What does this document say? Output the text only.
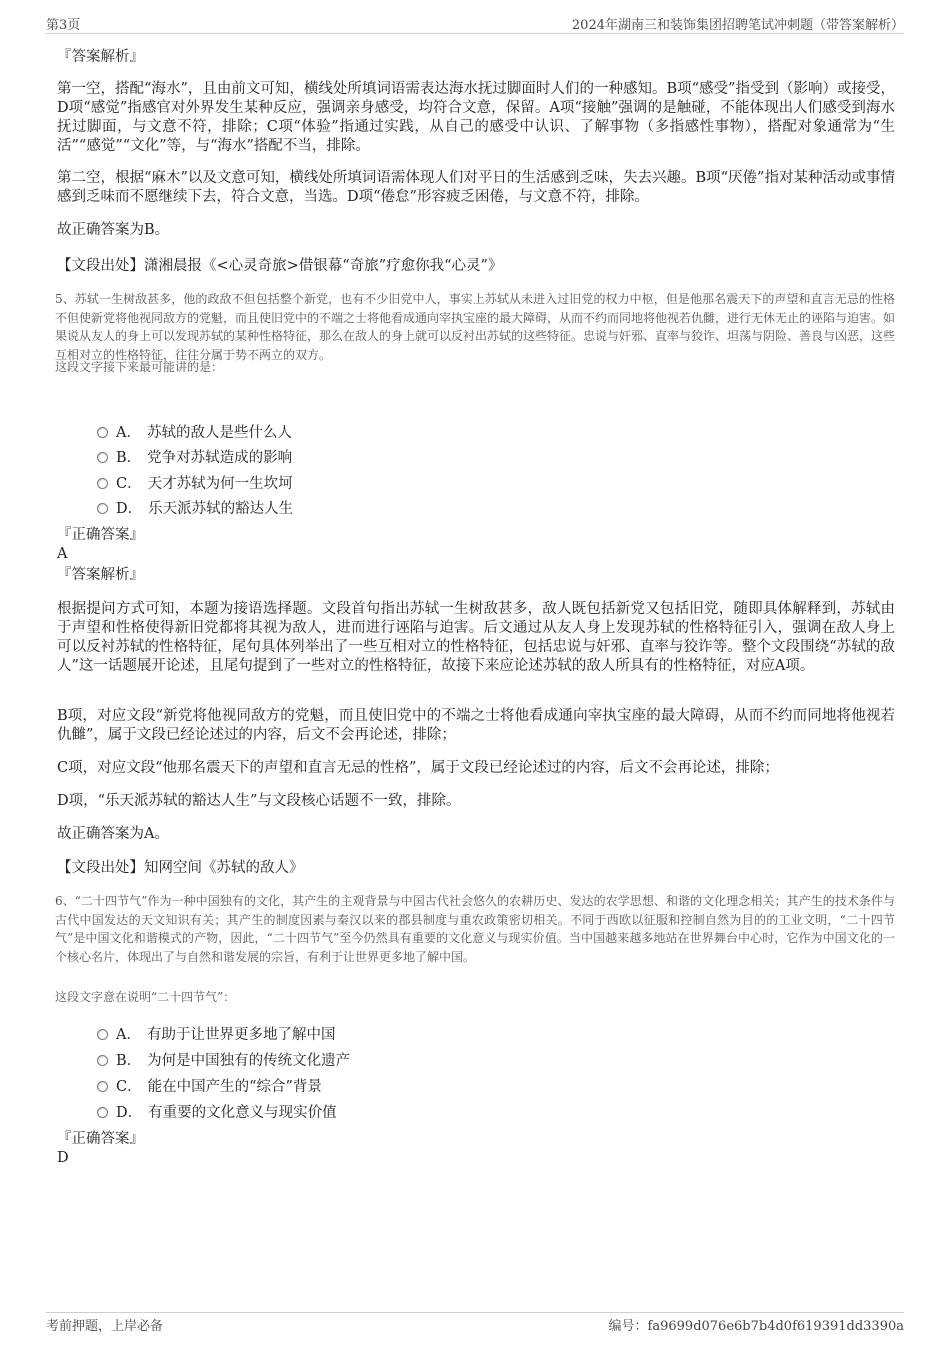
第3页	2024年湖南三和装饰集团招聘笔试冲刺题（带答案解析）
『答案解析』
第一空，搭配“海水”，且由前文可知，横线处所填词语需表达海水抚过脚面时人们的一种感知。B项“感受”指受到（影响）或接受，D项“感觉”指感官对外界发生某种反应，强调亲身感受，均符合文意，保留。A项“接触”强调的是触碰，不能体现出人们感受到海水抚过脚面，与文意不符，排除；C项“体验”指通过实践，从自己的感受中认识、了解事物（多指感性事物），搭配对象通常为“生活”“感觉”“文化”等，与“海水”搭配不当，排除。
第二空，根据“麻木”以及文意可知，横线处所填词语需体现人们对平日的生活感到乏味，失去兴趣。B项“厌倦”指对某种活动或事情感到乏味而不愿继续下去，符合文意，当选。D项“倦怠”形容疲乏困倦，与文意不符，排除。
故正确答案为B。
【文段出处】潇湘晨报《<心灵奇旅>借银幕“奇旅”疗愈你我“心灵”》
5、苏轼一生树敌甚多，他的政敌不但包括整个新党，也有不少旧党中人，事实上苏轼从未进入过旧党的权力中枢，但是他那名震天下的声望和直言无忌的性格不但使新党将他视同敌方的党魁，而且使旧党中的不端之士将他看成通向宰执宝座的最大障碍，从而不约而同地将他视若仇雠，进行无休无止的诬陷与迫害。如果说从友人的身上可以发现苏轼的某种性格特征，那么在敌人的身上就可以反衬出苏轼的这些特征。忠说与奸邪、直率与狡诈、坦荡与阴险、善良与凶恶，这些互相对立的性格特征，往往分属于势不两立的双方。
这段文字接下来最可能讲的是：
A． 苏轼的敌人是些什么人
B． 党争对苏轼造成的影响
C． 天才苏轼为何一生坎坷
D． 乐天派苏轼的豁达人生
『正确答案』
A
『答案解析』
根据提问方式可知，本题为接语选择题。文段首句指出苏轼一生树敌甚多，敌人既包括新党又包括旧党，随即具体解释到，苏轼由于声望和性格使得新旧党都将其视为敌人，进而进行诬陷与迫害。后文通过从友人身上发现苏轼的性格特征引入，强调在敌人身上可以反衬苏轼的性格特征，尾句具体列举出了一些互相对立的性格特征，包括忠说与奸邪、直率与狡诈等。整个文段围绕“苏轼的敌人”这一话题展开论述，且尾句提到了一些对立的性格特征，故接下来应论述苏轼的敌人所具有的性格特征，对应A项。
B项，对应文段“新党将他视同敌方的党魁，而且使旧党中的不端之士将他看成通向宰执宝座的最大障碍，从而不约而同地将他视若仇雠”，属于文段已经论述过的内容，后文不会再论述，排除；
C项，对应文段“他那名震天下的声望和直言无忌的性格”，属于文段已经论述过的内容，后文不会再论述，排除；
D项，“乐天派苏轼的豁达人生”与文段核心话题不一致，排除。
故正确答案为A。
【文段出处】知网空间《苏轼的敌人》
6、“二十四节气”作为一种中国独有的文化，其产生的主观背景与中国古代社会悠久的农耕历史、发达的农学思想、和谐的文化理念相关；其产生的技术条件与古代中国发达的天文知识有关；其产生的制度因素与秦汉以来的郡县制度与重农政策密切相关。不同于西欧以征服和控制自然为目的的工业文明，“二十四节气”是中国文化和谐模式的产物，因此，“二十四节气”至今仍然具有重要的文化意义与现实价值。当中国越来越多地站在世界舞台中心时，它作为中国文化的一个核心名片，体现出了与自然和谐发展的宗旨，有利于让世界更多地了解中国。
这段文字意在说明“二十四节气”：
A． 有助于让世界更多地了解中国
B． 为何是中国独有的传统文化遗产
C． 能在中国产生的“综合”背景
D． 有重要的文化意义与现实价值
『正确答案』
D
考前押题，上岸必备	编号：fa9699d076e6b7b4d0f619391dd3390a
